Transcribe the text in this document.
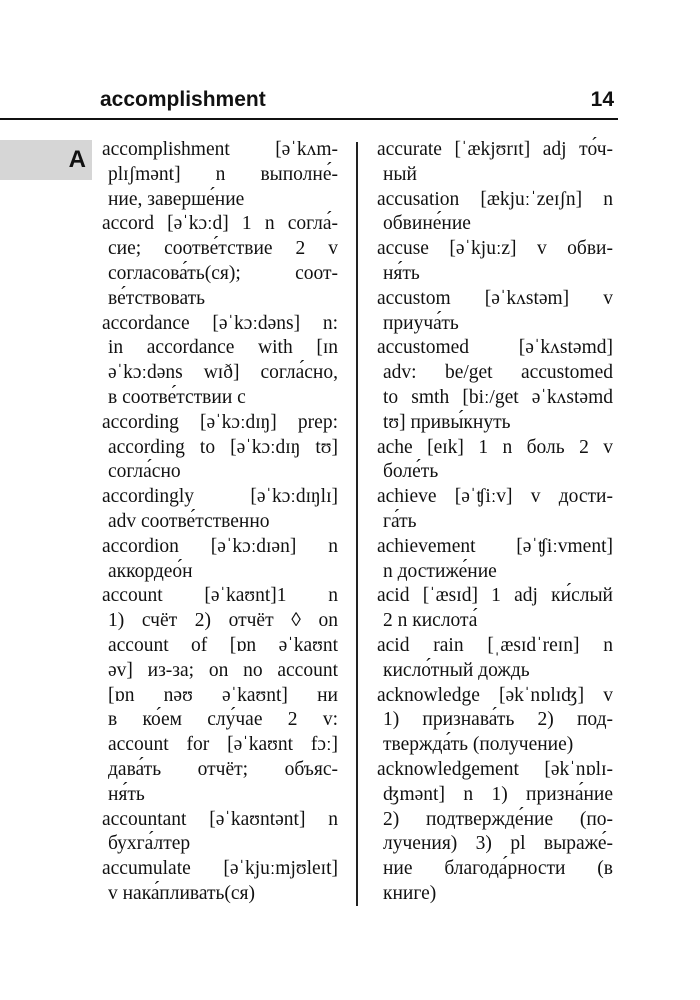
accomplishment	14
A accomplishment [əˈkʌm-
plɪʃmənt] n выполне́-
ние, заверше́ние
accord [əˈkɔːd] 1 n согла́-
сие; соотве́тствие 2 v
согласова́ть(ся); соот-
ве́тствовать
accordance [əˈkɔːdəns] n:
in accordance with [ɪn
əˈkɔːdəns wɪð] согла́сно,
в соотве́тствии с
according [əˈkɔːdɪŋ] prep:
according to [əˈkɔːdɪŋ tʊ]
согла́сно
accordingly [əˈkɔːdɪŋlɪ]
adv соотве́тственно
accordion [əˈkɔːdɪən] n
аккордео́н
account [əˈkaʊnt]1 n
1) счёт 2) отчёт ◊ on
account of [ɒn əˈkaʊnt
əv] из-за; on no account
[ɒn nəʊ əˈkaʊnt] ни
в ко́ем слу́чае 2 v:
account for [əˈkaʊnt fɔː]
дава́ть отчёт; объяс-
ня́ть
accountant [əˈkaʊntənt] n
бухга́лтер
accumulate [əˈkjuːmjʊleɪt]
v нака́пливать(ся)
accurate [ˈækjʊrɪt] adj то́ч-
ный
accusation [ækjuːˈzeɪʃn] n
обвине́ние
accuse [əˈkjuːz] v обви-
ня́ть
accustom [əˈkʌstəm] v
приуча́ть
accustomed [əˈkʌstəmd]
adv: be/get accustomed
to smth [biː/get əˈkʌstəmd
tʊ] привы́кнуть
ache [eɪk] 1 n боль 2 v
боле́ть
achieve [əˈʧiːv] v дости-
га́ть
achievement [əˈʧiːvment]
n достиже́ние
acid [ˈæsɪd] 1 adj ки́слый
2 n кислота́
acid rain [ˌæsɪdˈreɪn] n
кисло́тный дождь
acknowledge [əkˈnɒlɪʤ] v
1) признава́ть 2) под-
твержда́ть (получение)
acknowledgement [əkˈnɒlɪ-
ʤmənt] n 1) призна́ние
2) подтвержде́ние (по-
лучения) 3) pl выраже́-
ние благода́рности (в
книге)
